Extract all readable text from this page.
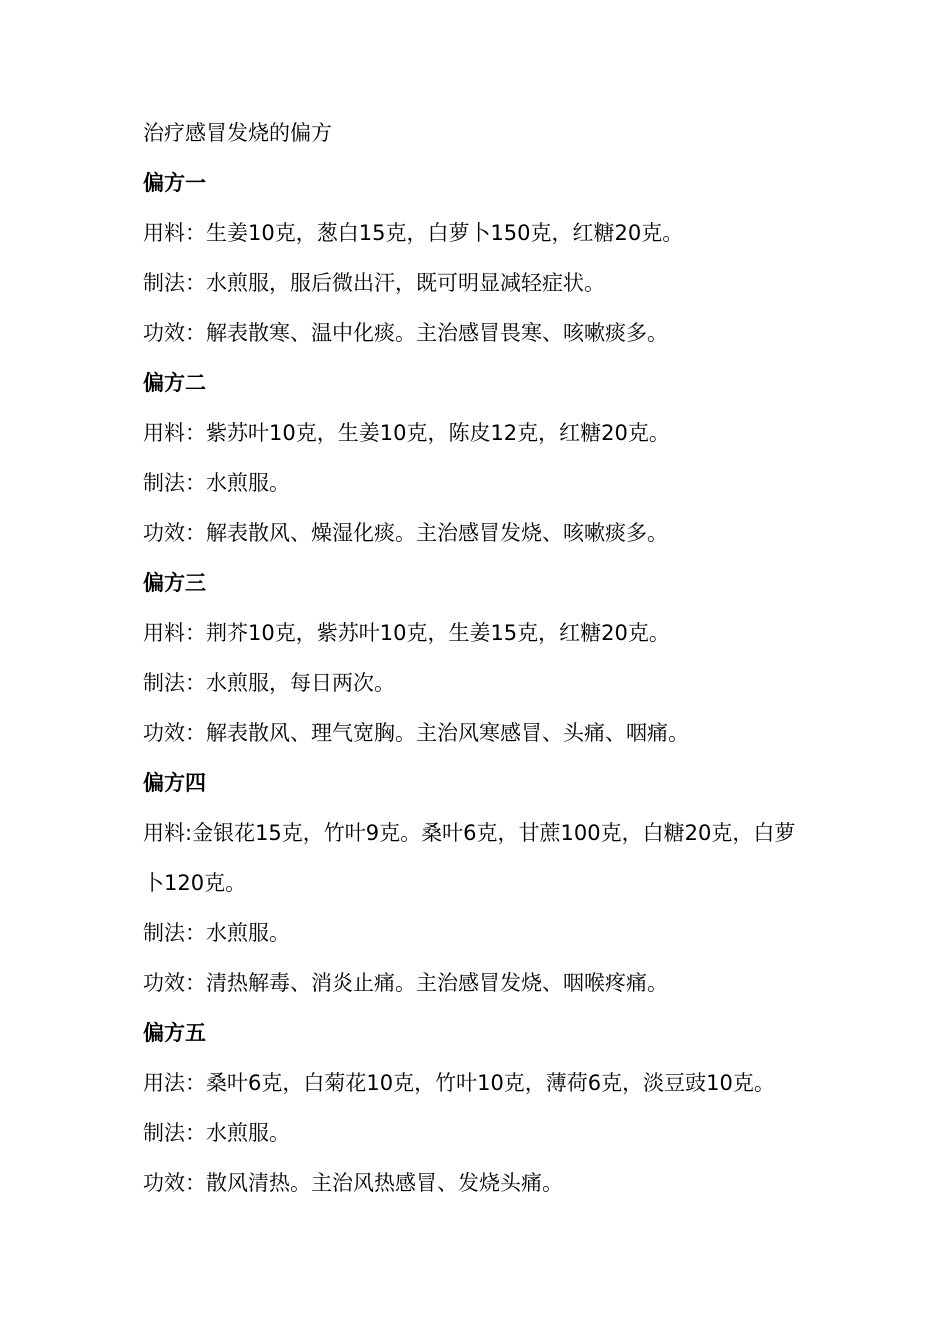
治疗感冒发烧的偏方

偏方一

用料：生姜10克，葱白15克，白萝卜150克，红糖20克。

制法：水煎服，服后微出汗，既可明显减轻症状。

功效：解表散寒、温中化痰。主治感冒畏寒、咳嗽痰多。

偏方二

用料：紫苏叶10克，生姜10克，陈皮12克，红糖20克。

制法：水煎服。

功效：解表散风、燥湿化痰。主治感冒发烧、咳嗽痰多。

偏方三

用料：荆芥10克，紫苏叶10克，生姜15克，红糖20克。

制法：水煎服，每日两次。

功效：解表散风、理气宽胸。主治风寒感冒、头痛、咽痛。

偏方四

用料:金银花15克，竹叶9克。桑叶6克，甘蔗100克，白糖20克，白萝卜120克。

制法：水煎服。

功效：清热解毒、消炎止痛。主治感冒发烧、咽喉疼痛。

偏方五

用法：桑叶6克，白菊花10克，竹叶10克，薄荷6克，淡豆豉10克。

制法：水煎服。

功效：散风清热。主治风热感冒、发烧头痛。
